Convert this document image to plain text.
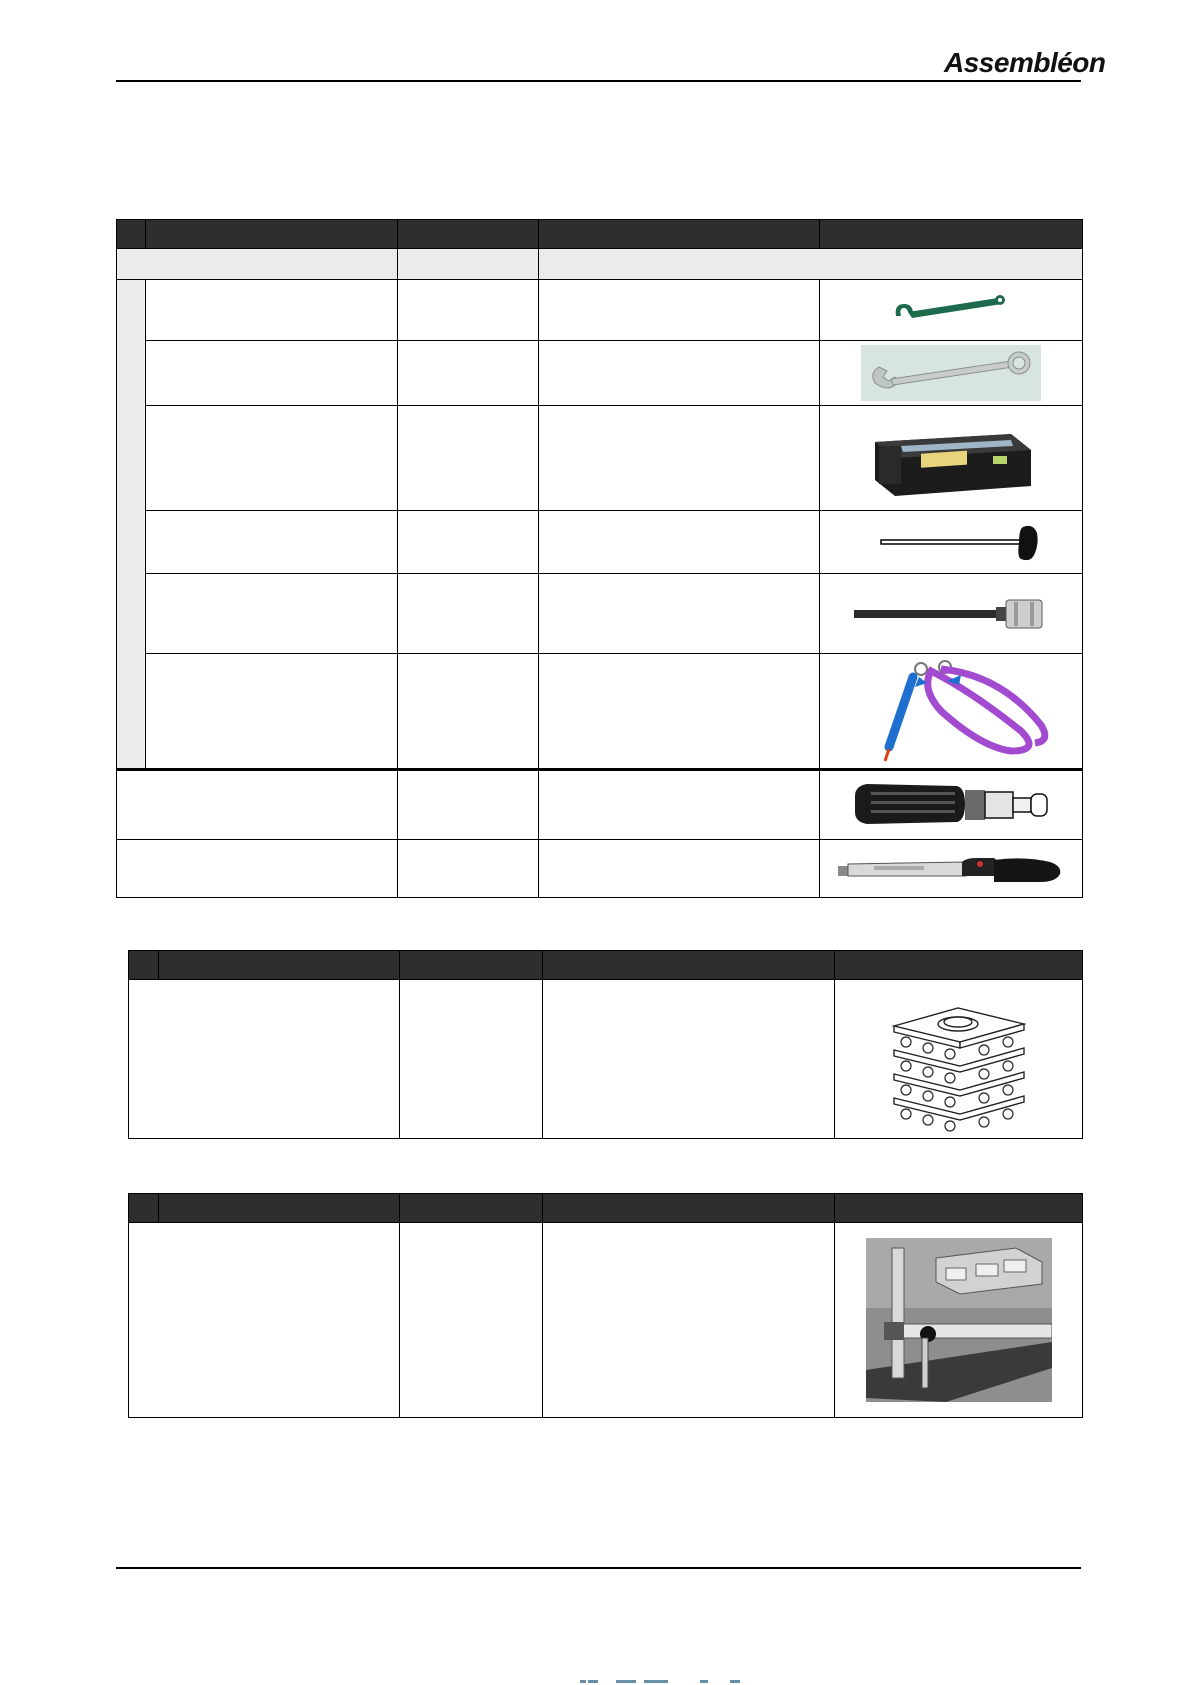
Assembléon
